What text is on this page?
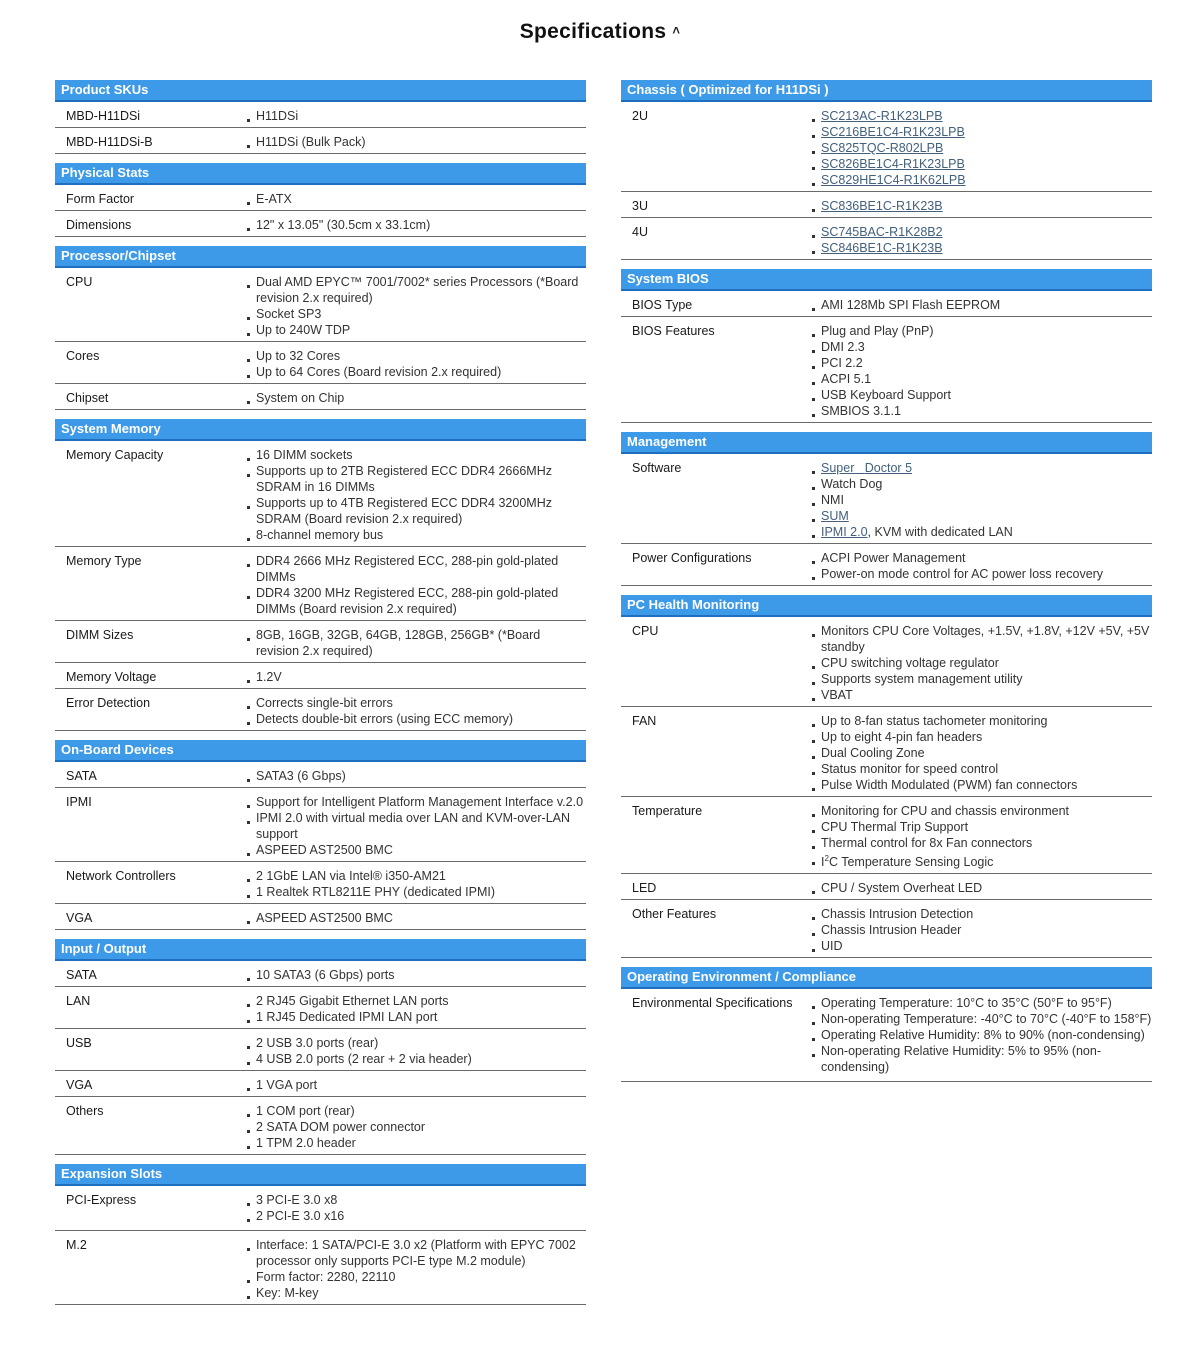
Specifications ˄
Product SKUs
MBD-H11DSi	H11DSi
MBD-H11DSi-B	H11DSi (Bulk Pack)
Physical Stats
Form Factor	E-ATX
Dimensions	12" x 13.05" (30.5cm x 33.1cm)
Processor/Chipset
CPU	Dual AMD EPYC™ 7001/7002* series Processors (*Board revision 2.x required)
Socket SP3
Up to 240W TDP
Cores	Up to 32 Cores
Up to 64 Cores (Board revision 2.x required)
Chipset	System on Chip
System Memory
Memory Capacity	16 DIMM sockets
Supports up to 2TB Registered ECC DDR4 2666MHz SDRAM in 16 DIMMs
Supports up to 4TB Registered ECC DDR4 3200MHz SDRAM (Board revision 2.x required)
8-channel memory bus
Memory Type	DDR4 2666 MHz Registered ECC, 288-pin gold-plated DIMMs
DDR4 3200 MHz Registered ECC, 288-pin gold-plated DIMMs (Board revision 2.x required)
DIMM Sizes	8GB, 16GB, 32GB, 64GB, 128GB, 256GB* (*Board revision 2.x required)
Memory Voltage	1.2V
Error Detection	Corrects single-bit errors
Detects double-bit errors (using ECC memory)
On-Board Devices
SATA	SATA3 (6 Gbps)
IPMI	Support for Intelligent Platform Management Interface v.2.0
IPMI 2.0 with virtual media over LAN and KVM-over-LAN support
ASPEED AST2500 BMC
Network Controllers	2 1GbE LAN via Intel® i350-AM21
1 Realtek RTL8211E PHY (dedicated IPMI)
VGA	ASPEED AST2500 BMC
Input / Output
SATA	10 SATA3 (6 Gbps) ports
LAN	2 RJ45 Gigabit Ethernet LAN ports
1 RJ45 Dedicated IPMI LAN port
USB	2 USB 3.0 ports (rear)
4 USB 2.0 ports (2 rear + 2 via header)
VGA	1 VGA port
Others	1 COM port (rear)
2 SATA DOM power connector
1 TPM 2.0 header
Expansion Slots
PCI-Express	3 PCI-E 3.0 x8
2 PCI-E 3.0 x16
M.2	Interface: 1 SATA/PCI-E 3.0 x2 (Platform with EPYC 7002 processor only supports PCI-E type M.2 module)
Form factor: 2280, 22110
Key: M-key
Chassis ( Optimized for H11DSi )
2U	SC213AC-R1K23LPB
SC216BE1C4-R1K23LPB
SC825TQC-R802LPB
SC826BE1C4-R1K23LPB
SC829HE1C4-R1K62LPB
3U	SC836BE1C-R1K23B
4U	SC745BAC-R1K28B2
SC846BE1C-R1K23B
System BIOS
BIOS Type	AMI 128Mb SPI Flash EEPROM
BIOS Features	Plug and Play (PnP)
DMI 2.3
PCI 2.2
ACPI 5.1
USB Keyboard Support
SMBIOS 3.1.1
Management
Software	Super Doctor 5
Watch Dog
NMI
SUM
IPMI 2.0, KVM with dedicated LAN
Power Configurations	ACPI Power Management
Power-on mode control for AC power loss recovery
PC Health Monitoring
CPU	Monitors CPU Core Voltages, +1.5V, +1.8V, +12V +5V, +5V standby
CPU switching voltage regulator
Supports system management utility
VBAT
FAN	Up to 8-fan status tachometer monitoring
Up to eight 4-pin fan headers
Dual Cooling Zone
Status monitor for speed control
Pulse Width Modulated (PWM) fan connectors
Temperature	Monitoring for CPU and chassis environment
CPU Thermal Trip Support
Thermal control for 8x Fan connectors
$I^2C$ Temperature Sensing Logic
LED	CPU / System Overheat LED
Other Features	Chassis Intrusion Detection
Chassis Intrusion Header
UID
Operating Environment / Compliance
Environmental Specifications	Operating Temperature: 10°C to 35°C (50°F to 95°F)
Non-operating Temperature: -40°C to 70°C (-40°F to 158°F)
Operating Relative Humidity: 8% to 90% (non-condensing)
Non-operating Relative Humidity: 5% to 95% (non-condensing)
